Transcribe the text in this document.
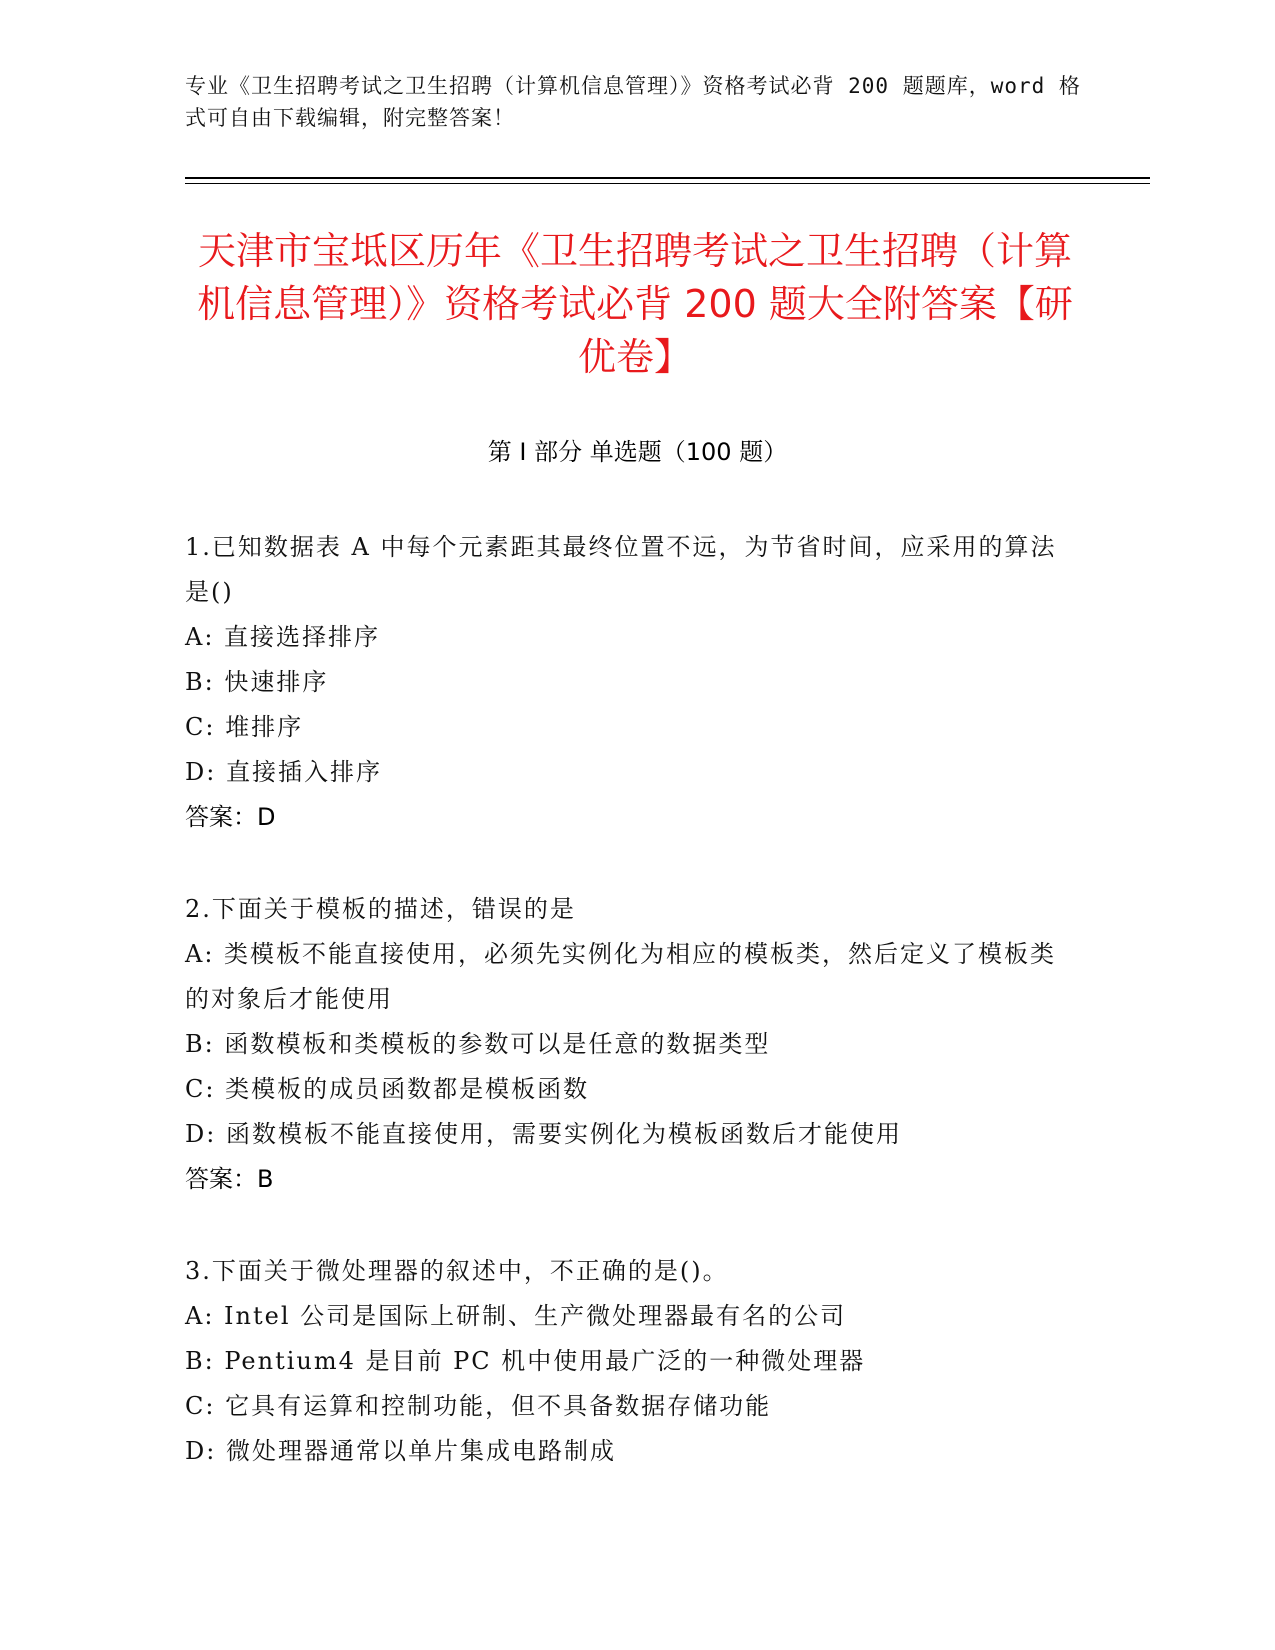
专业《卫生招聘考试之卫生招聘（计算机信息管理）》资格考试必背 200 题题库，word 格式可自由下载编辑，附完整答案！
天津市宝坻区历年《卫生招聘考试之卫生招聘（计算机信息管理）》资格考试必背 200 题大全附答案【研优卷】
第 I 部分 单选题（100 题）
1.已知数据表 A 中每个元素距其最终位置不远，为节省时间，应采用的算法是()
A: 直接选择排序
B: 快速排序
C: 堆排序
D: 直接插入排序
答案：D
2.下面关于模板的描述，错误的是
A: 类模板不能直接使用，必须先实例化为相应的模板类，然后定义了模板类的对象后才能使用
B: 函数模板和类模板的参数可以是任意的数据类型
C: 类模板的成员函数都是模板函数
D: 函数模板不能直接使用，需要实例化为模板函数后才能使用
答案：B
3.下面关于微处理器的叙述中，不正确的是()。
A: Intel 公司是国际上研制、生产微处理器最有名的公司
B: Pentium4 是目前 PC 机中使用最广泛的一种微处理器
C: 它具有运算和控制功能，但不具备数据存储功能
D: 微处理器通常以单片集成电路制成
